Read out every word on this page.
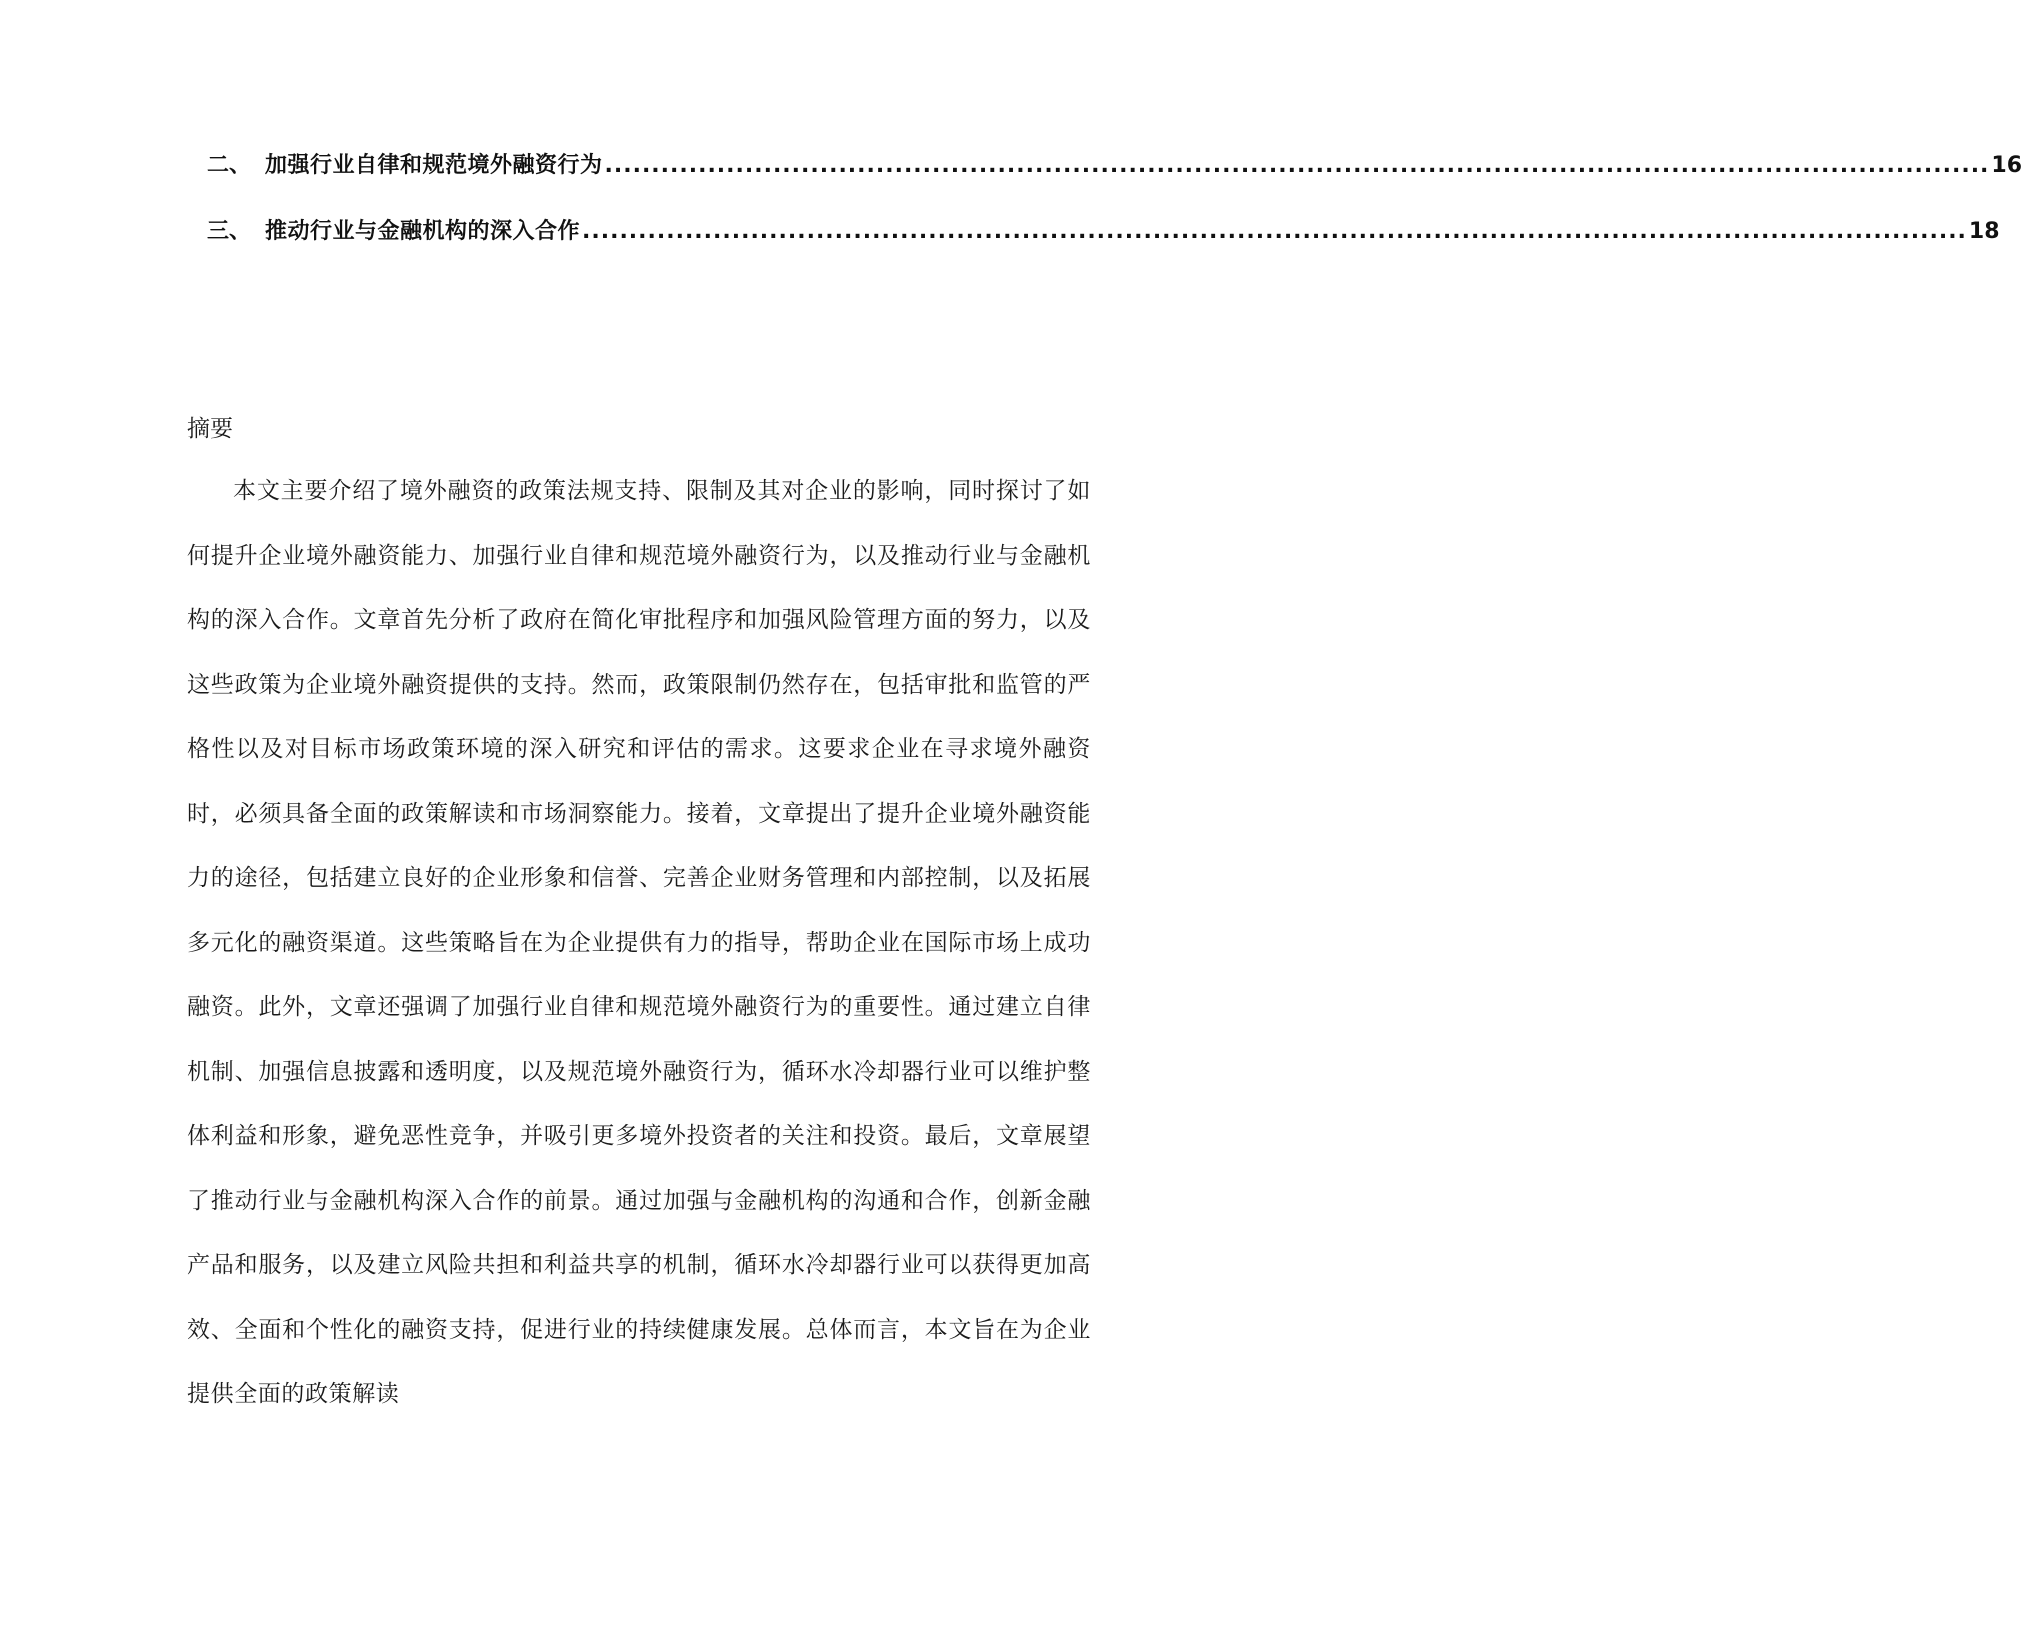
二、 加强行业自律和规范境外融资行为 .................................................................................................................................................... 16
三、 推动行业与金融机构的深入合作 .................................................................................................................................................... 18
摘要

本文主要介绍了境外融资的政策法规支持、限制及其对企业的影响，同时探讨了如何提升企业境外融资能力、加强行业自律和规范境外融资行为，以及推动行业与金融机构的深入合作。文章首先分析了政府在简化审批程序和加强风险管理方面的努力，以及这些政策为企业境外融资提供的支持。然而，政策限制仍然存在，包括审批和监管的严格性以及对目标市场政策环境的深入研究和评估的需求。这要求企业在寻求境外融资时，必须具备全面的政策解读和市场洞察能力。接着，文章提出了提升企业境外融资能力的途径，包括建立良好的企业形象和信誉、完善企业财务管理和内部控制，以及拓展多元化的融资渠道。这些策略旨在为企业提供有力的指导，帮助企业在国际市场上成功融资。此外，文章还强调了加强行业自律和规范境外融资行为的重要性。通过建立自律机制、加强信息披露和透明度，以及规范境外融资行为，循环水冷却器行业可以维护整体利益和形象，避免恶性竞争，并吸引更多境外投资者的关注和投资。最后，文章展望了推动行业与金融机构深入合作的前景。通过加强与金融机构的沟通和合作，创新金融产品和服务，以及建立风险共担和利益共享的机制，循环水冷却器行业可以获得更加高效、全面和个性化的融资支持，促进行业的持续健康发展。总体而言，本文旨在为企业提供全面的政策解读
